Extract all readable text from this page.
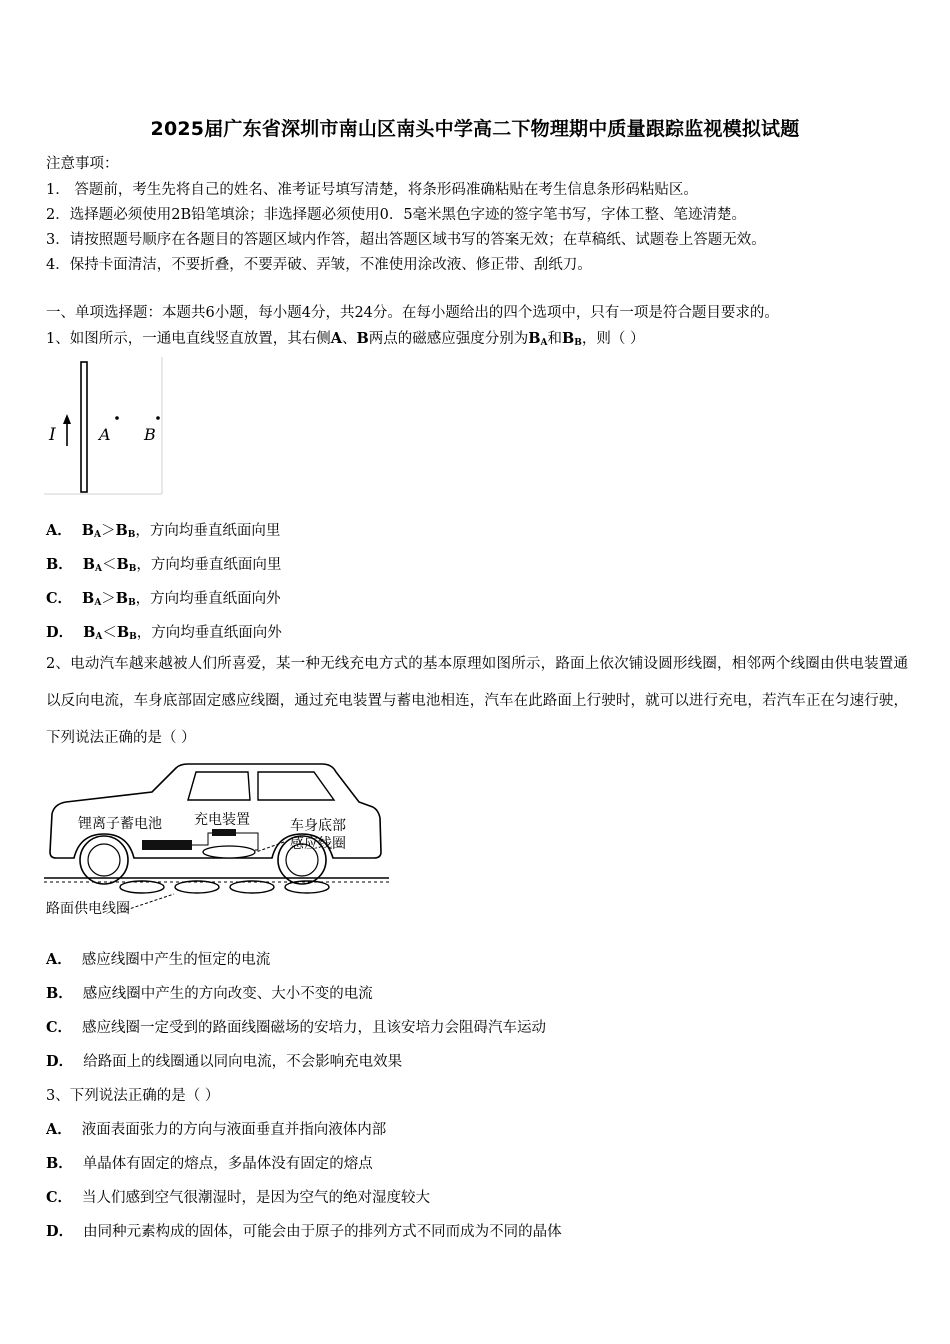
2025届广东省深圳市南山区南头中学高二下物理期中质量跟踪监视模拟试题
注意事项：
1． 答题前，考生先将自己的姓名、准考证号填写清楚，将条形码准确粘贴在考生信息条形码粘贴区。
2．选择题必须使用2B铅笔填涂；非选择题必须使用0．5毫米黑色字迹的签字笔书写，字体工整、笔迹清楚。
3．请按照题号顺序在各题目的答题区域内作答，超出答题区域书写的答案无效；在草稿纸、试题卷上答题无效。
4．保持卡面清洁，不要折叠，不要弄破、弄皱，不准使用涂改液、修正带、刮纸刀。
一、单项选择题：本题共6小题，每小题4分，共24分。在每小题给出的四个选项中，只有一项是符合题目要求的。
1、如图所示，一通电直线竖直放置，其右侧A、B两点的磁感应强度分别为$B_A$和$B_B$，则（ ）
I	A B
A． $B_A>B_B$，方向均垂直纸面向里
B． $B_A<B_B$，方向均垂直纸面向里
C． $B_A>B_B$，方向均垂直纸面向外
D． $B_A<B_B$，方向均垂直纸面向外
2、电动汽车越来越被人们所喜爱，某一种无线充电方式的基本原理如图所示，路面上依次铺设圆形线圈，相邻两个线圈由供电装置通以反向电流，车身底部固定感应线圈，通过充电装置与蓄电池相连，汽车在此路面上行驶时，就可以进行充电，若汽车正在匀速行驶，下列说法正确的是（ ）
锂离子蓄电池 充电装置	车身底部
感应线圈
路面供电线圈
A． 感应线圈中产生的恒定的电流
B． 感应线圈中产生的方向改变、大小不变的电流
C． 感应线圈一定受到的路面线圈磁场的安培力，且该安培力会阻碍汽车运动
D． 给路面上的线圈通以同向电流，不会影响充电效果
3、下列说法正确的是（ ）
A． 液面表面张力的方向与液面垂直并指向液体内部
B． 单晶体有固定的熔点，多晶体没有固定的熔点
C． 当人们感到空气很潮湿时，是因为空气的绝对湿度较大
D． 由同种元素构成的固体，可能会由于原子的排列方式不同而成为不同的晶体
